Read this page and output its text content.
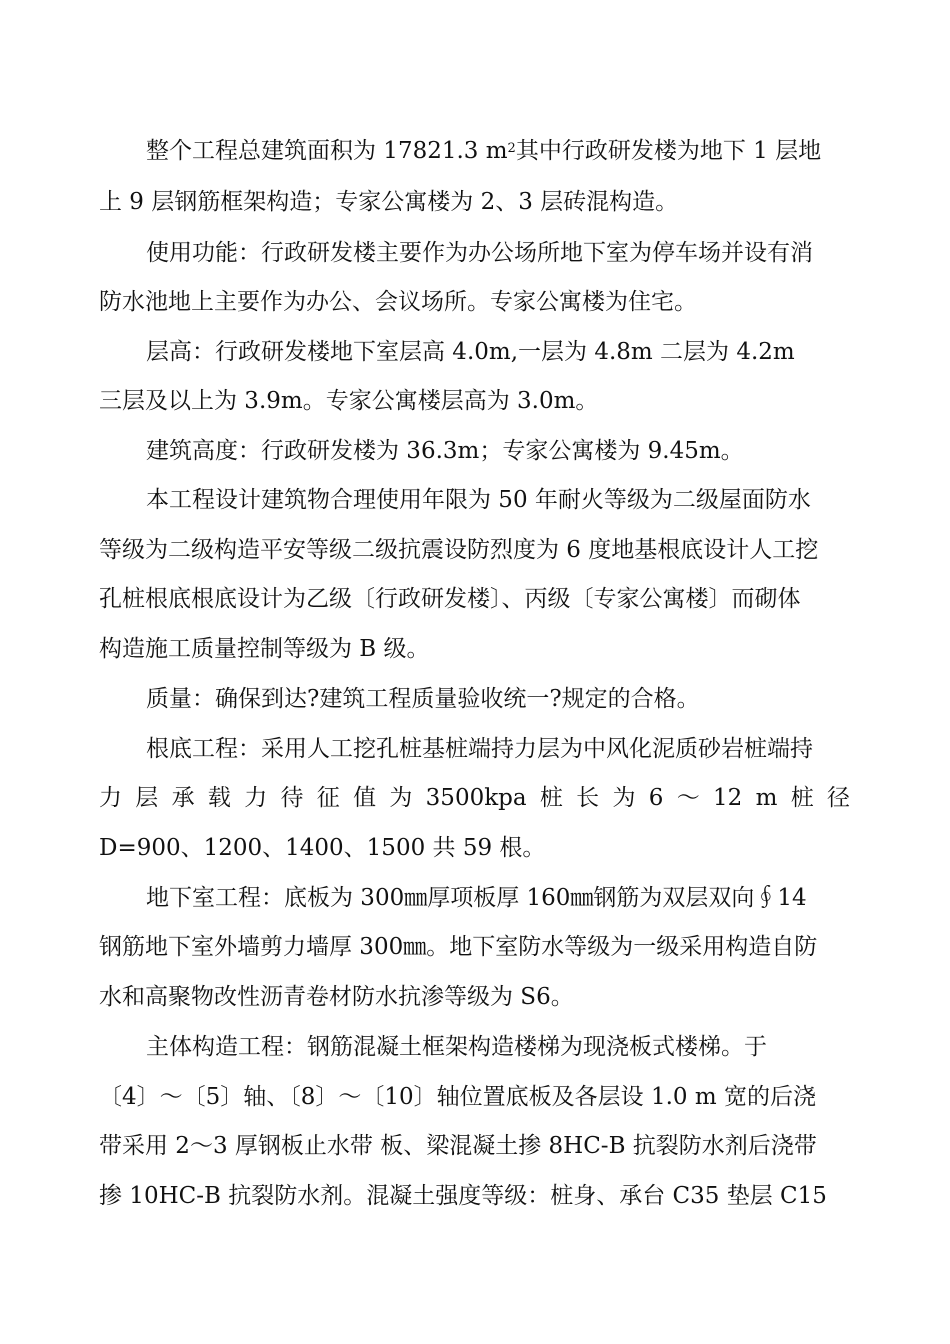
整个工程总建筑面积为 17821.3 $m^2$其中行政研发楼为地下 1 层地
上 9 层钢筋框架构造；专家公寓楼为 2、3 层砖混构造。
使用功能：行政研发楼主要作为办公场所地下室为停车场并设有消
防水池地上主要作为办公、会议场所。专家公寓楼为住宅。
层高：行政研发楼地下室层高 4.0m,一层为 4.8m 二层为 4.2m
三层及以上为 3.9m。专家公寓楼层高为 3.0m。
建筑高度：行政研发楼为 36.3m；专家公寓楼为 9.45m。
本工程设计建筑物合理使用年限为 50 年耐火等级为二级屋面防水
等级为二级构造平安等级二级抗震设防烈度为 6 度地基根底设计人工挖
孔桩根底根底设计为乙级〔行政研发楼〕、丙级〔专家公寓楼〕而砌体
构造施工质量控制等级为 B 级。
质量：确保到达?建筑工程质量验收统一?规定的合格。
根底工程：采用人工挖孔桩基桩端持力层为中风化泥质砂岩桩端持
力 层 承 载 力 待 征 值 为 3500kpa 桩 长 为 6 ～ 12 m 桩 径
D=900、1200、1400、1500 共 59 根。
地下室工程：底板为 300㎜厚项板厚 160㎜钢筋为双层双向∮14
钢筋地下室外墙剪力墙厚 300㎜。地下室防水等级为一级采用构造自防
水和高聚物改性沥青卷材防水抗渗等级为 S6。
主体构造工程：钢筋混凝土框架构造楼梯为现浇板式楼梯。于
〔4〕～〔5〕轴、〔8〕～〔10〕轴位置底板及各层设 1.0 m 宽的后浇
带采用 2～3 厚钢板止水带 板、梁混凝土掺 8HC-B 抗裂防水剂后浇带
掺 10HC-B 抗裂防水剂。混凝土强度等级：桩身、承台 C35 垫层 C15
